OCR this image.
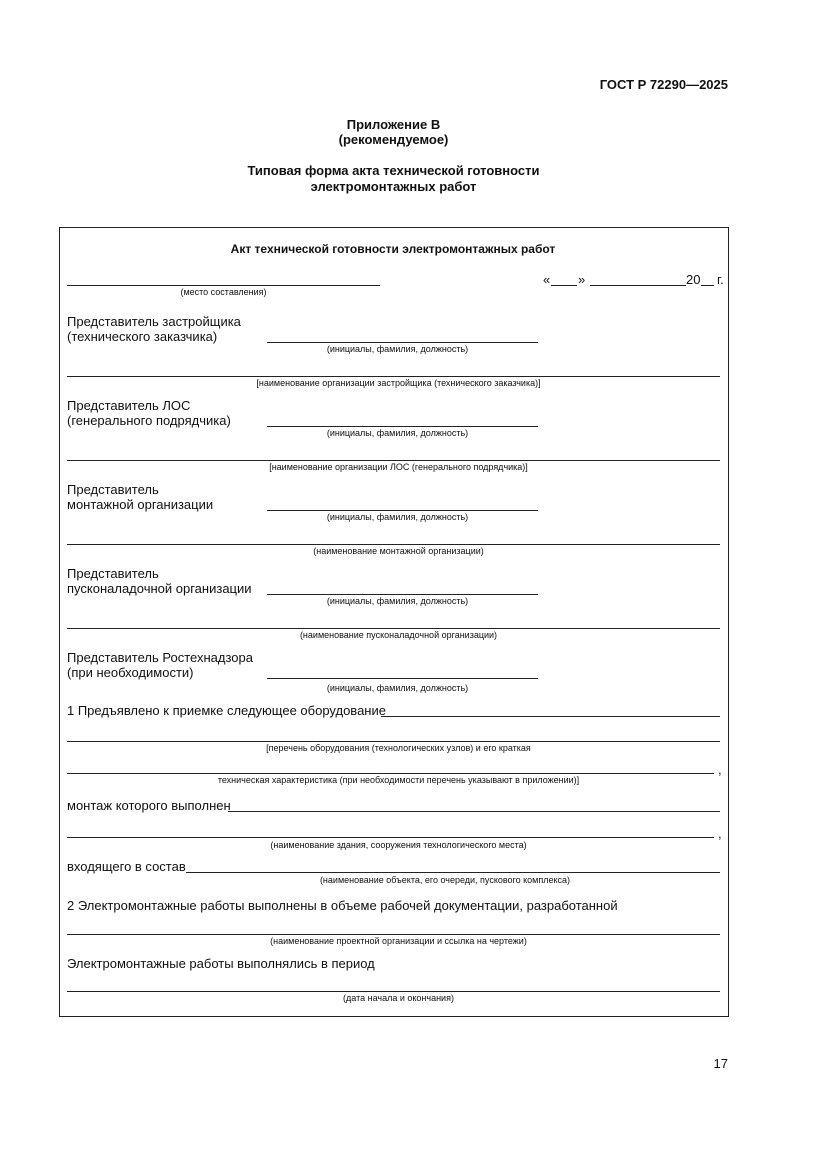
ГОСТ Р 72290—2025
Приложение В
(рекомендуемое)
Типовая форма акта технической готовности
электромонтажных работ
Акт технической готовности электромонтажных работ
(место составления)
« »	20 г.
Представитель застройщика
(технического заказчика)
(инициалы, фамилия, должность)
[наименование организации застройщика (технического заказчика)]
Представитель ЛОС
(генерального подрядчика)
(инициалы, фамилия, должность)
[наименование организации ЛОС (генерального подрядчика)]
Представитель
монтажной организации
(инициалы, фамилия, должность)
(наименование монтажной организации)
Представитель
пусконаладочной организации
(инициалы, фамилия, должность)
(наименование пусконаладочной организации)
Представитель Ростехнадзора
(при необходимости)
(инициалы, фамилия, должность)
1 Предъявлено к приемке следующее оборудование
[перечень оборудования (технологических узлов) и его краткая
,
техническая характеристика (при необходимости перечень указывают в приложении)]
монтаж которого выполнен
,
(наименование здания, сооружения технологического места)
входящего в состав
(наименование объекта, его очереди, пускового комплекса)
2 Электромонтажные работы выполнены в объеме рабочей документации, разработанной
(наименование проектной организации и ссылка на чертежи)
Электромонтажные работы выполнялись в период
(дата начала и окончания)
17
